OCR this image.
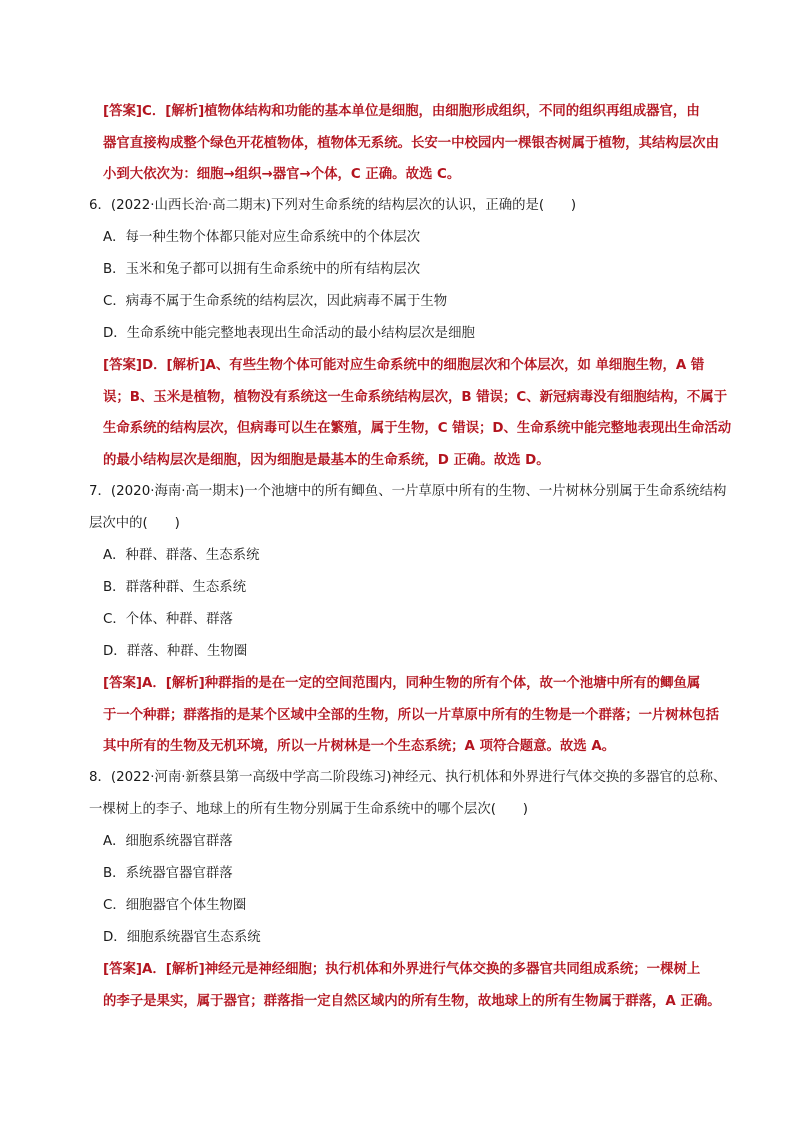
[答案]C．[解析]植物体结构和功能的基本单位是细胞，由细胞形成组织，不同的组织再组成器官，由
器官直接构成整个绿色开花植物体，植物体无系统。长安一中校园内一棵银杏树属于植物，其结构层次由
小到大依次为：细胞→组织→器官→个体，C 正确。故选 C。
6．(2022·山西长治·高二期末)下列对生命系统的结构层次的认识，正确的是(　　)
A．每一种生物个体都只能对应生命系统中的个体层次
B．玉米和兔子都可以拥有生命系统中的所有结构层次
C．病毒不属于生命系统的结构层次，因此病毒不属于生物
D．生命系统中能完整地表现出生命活动的最小结构层次是细胞
[答案]D．[解析]A、有些生物个体可能对应生命系统中的细胞层次和个体层次，如 单细胞生物，A 错
误；B、玉米是植物，植物没有系统这一生命系统结构层次，B 错误；C、新冠病毒没有细胞结构，不属于
生命系统的结构层次，但病毒可以生在繁殖，属于生物，C 错误；D、生命系统中能完整地表现出生命活动
的最小结构层次是细胞，因为细胞是最基本的生命系统，D 正确。故选 D。
7．(2020·海南·高一期末)一个池塘中的所有鲫鱼、一片草原中所有的生物、一片树林分别属于生命系统结构
层次中的(　　)
A．种群、群落、生态系统
B．群落种群、生态系统
C．个体、种群、群落
D．群落、种群、生物圈
[答案]A．[解析]种群指的是在一定的空间范围内，同种生物的所有个体，故一个池塘中所有的鲫鱼属
于一个种群；群落指的是某个区域中全部的生物，所以一片草原中所有的生物是一个群落；一片树林包括
其中所有的生物及无机环境，所以一片树林是一个生态系统；A 项符合题意。故选 A。
8．(2022·河南·新蔡县第一高级中学高二阶段练习)神经元、执行机体和外界进行气体交换的多器官的总称、
一棵树上的李子、地球上的所有生物分别属于生命系统中的哪个层次(　　)
A．细胞系统器官群落
B．系统器官器官群落
C．细胞器官个体生物圈
D．细胞系统器官生态系统
[答案]A．[解析]神经元是神经细胞；执行机体和外界进行气体交换的多器官共同组成系统；一棵树上
的李子是果实，属于器官；群落指一定自然区域内的所有生物，故地球上的所有生物属于群落，A 正确。
